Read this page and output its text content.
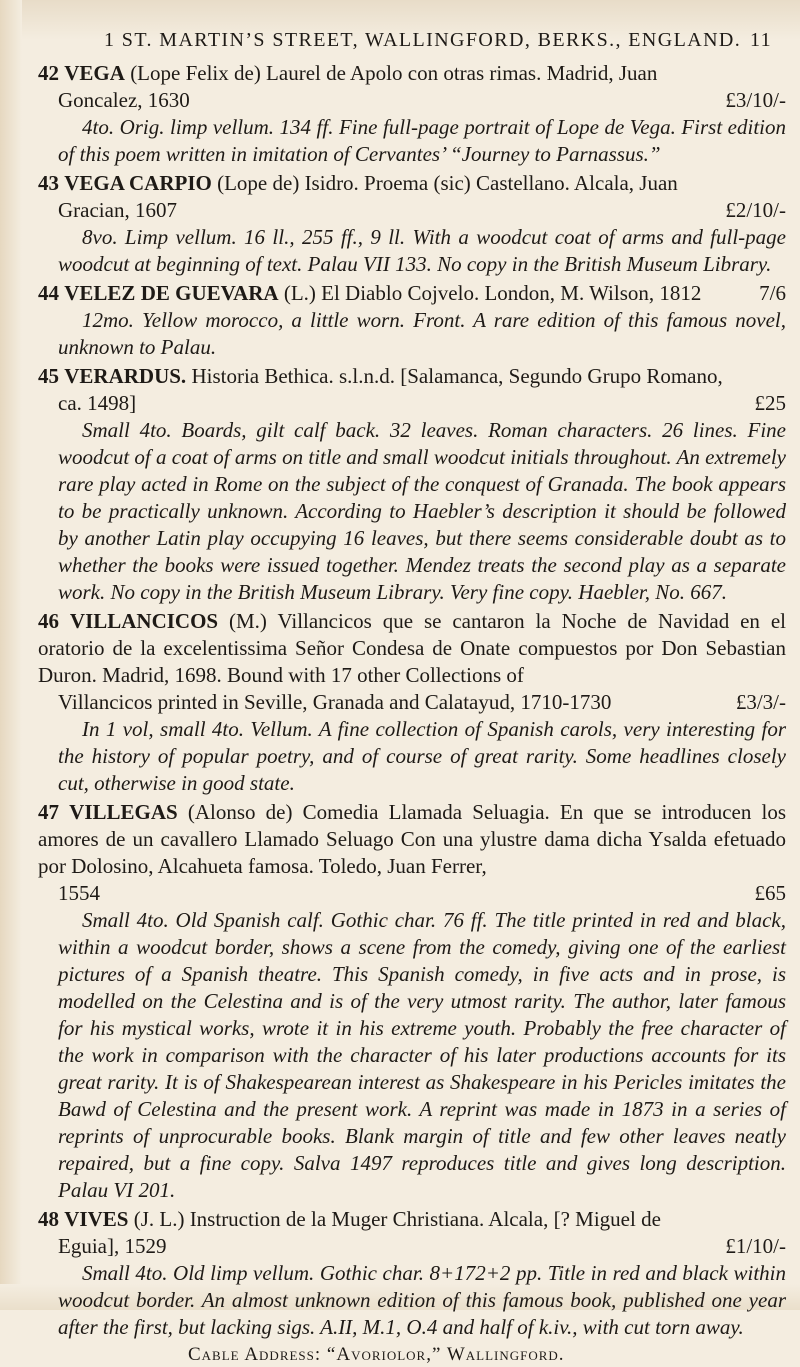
1 ST. MARTIN’S STREET, WALLINGFORD, BERKS., ENGLAND. 11
42 VEGA (Lope Felix de) Laurel de Apolo con otras rimas. Madrid, Juan
Goncalez, 1630	£3/10/-
4to. Orig. limp vellum. 134 ff. Fine full-page portrait of Lope de Vega. First edition of this poem written in imitation of Cervantes’ “Journey to Parnassus.”
43 VEGA CARPIO (Lope de) Isidro. Proema (sic) Castellano. Alcala, Juan
Gracian, 1607	£2/10/-
8vo. Limp vellum. 16 ll., 255 ff., 9 ll. With a woodcut coat of arms and full-page woodcut at beginning of text. Palau VII 133. No copy in the British Museum Library.
44 VELEZ DE GUEVARA (L.) El Diablo Cojvelo. London, M. Wilson, 1812	7/6
12mo. Yellow morocco, a little worn. Front. A rare edition of this famous novel, unknown to Palau.
45 VERARDUS. Historia Bethica. s.l.n.d. [Salamanca, Segundo Grupo Romano,
ca. 1498]	£25
Small 4to. Boards, gilt calf back. 32 leaves. Roman characters. 26 lines. Fine woodcut of a coat of arms on title and small woodcut initials throughout. An extremely rare play acted in Rome on the subject of the conquest of Granada. The book appears to be practically unknown. According to Haebler’s description it should be followed by another Latin play occupying 16 leaves, but there seems considerable doubt as to whether the books were issued together. Mendez treats the second play as a separate work. No copy in the British Museum Library. Very fine copy. Haebler, No. 667.
46 VILLANCICOS (M.) Villancicos que se cantaron la Noche de Navidad en el oratorio de la excelentissima Señor Condesa de Onate compuestos por Don Sebastian Duron. Madrid, 1698. Bound with 17 other Collections of
Villancicos printed in Seville, Granada and Calatayud, 1710-1730	£3/3/-
In 1 vol, small 4to. Vellum. A fine collection of Spanish carols, very interesting for the history of popular poetry, and of course of great rarity. Some headlines closely cut, otherwise in good state.
47 VILLEGAS (Alonso de) Comedia Llamada Seluagia. En que se introducen los amores de un cavallero Llamado Seluago Con una ylustre dama dicha Ysalda efetuado por Dolosino, Alcahueta famosa. Toledo, Juan Ferrer,
1554	£65
Small 4to. Old Spanish calf. Gothic char. 76 ff. The title printed in red and black, within a woodcut border, shows a scene from the comedy, giving one of the earliest pictures of a Spanish theatre. This Spanish comedy, in five acts and in prose, is modelled on the Celestina and is of the very utmost rarity. The author, later famous for his mystical works, wrote it in his extreme youth. Probably the free character of the work in comparison with the character of his later productions accounts for its great rarity. It is of Shakespearean interest as Shakespeare in his Pericles imitates the Bawd of Celestina and the present work. A reprint was made in 1873 in a series of reprints of unprocurable books. Blank margin of title and few other leaves neatly repaired, but a fine copy. Salva 1497 reproduces title and gives long description. Palau VI 201.
48 VIVES (J. L.) Instruction de la Muger Christiana. Alcala, [? Miguel de
Eguia], 1529	£1/10/-
Small 4to. Old limp vellum. Gothic char. 8+172+2 pp. Title in red and black within woodcut border. An almost unknown edition of this famous book, published one year after the first, but lacking sigs. A.II, M.1, O.4 and half of k.iv., with cut torn away.
Cable Address: “Avoriolor,” Wallingford.
